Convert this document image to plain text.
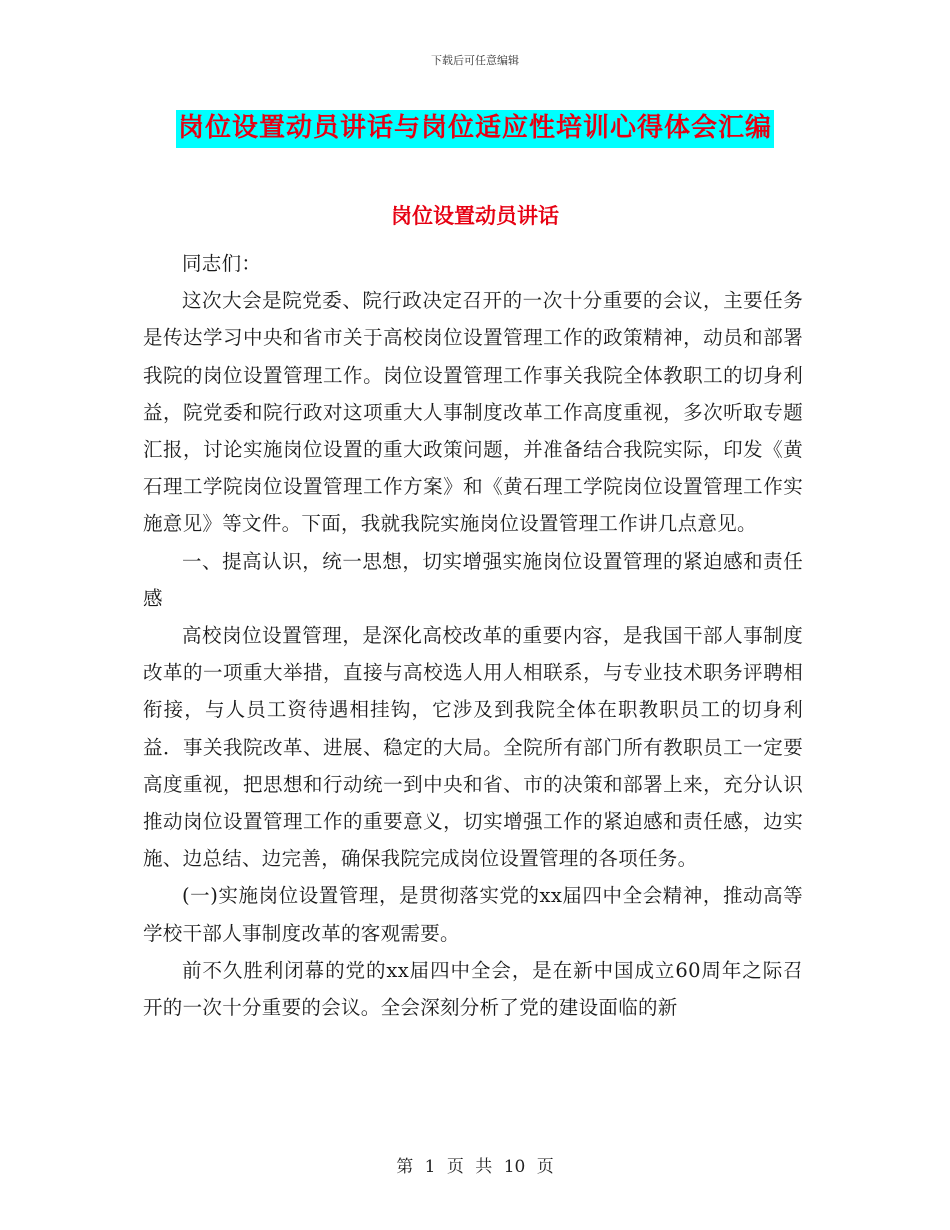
下载后可任意编辑
岗位设置动员讲话与岗位适应性培训心得体会汇编
岗位设置动员讲话

同志们：

这次大会是院党委、院行政决定召开的一次十分重要的会议，主要任务是传达学习中央和省市关于高校岗位设置管理工作的政策精神，动员和部署我院的岗位设置管理工作。岗位设置管理工作事关我院全体教职工的切身利益，院党委和院行政对这项重大人事制度改革工作高度重视，多次听取专题汇报，讨论实施岗位设置的重大政策问题，并准备结合我院实际，印发《黄石理工学院岗位设置管理工作方案》和《黄石理工学院岗位设置管理工作实施意见》等文件。下面，我就我院实施岗位设置管理工作讲几点意见。

一、提高认识，统一思想，切实增强实施岗位设置管理的紧迫感和责任感

高校岗位设置管理，是深化高校改革的重要内容，是我国干部人事制度改革的一项重大举措，直接与高校选人用人相联系，与专业技术职务评聘相衔接，与人员工资待遇相挂钩，它涉及到我院全体在职教职员工的切身利益．事关我院改革、进展、稳定的大局。全院所有部门所有教职员工一定要高度重视，把思想和行动统一到中央和省、市的决策和部署上来，充分认识推动岗位设置管理工作的重要意义，切实增强工作的紧迫感和责任感，边实施、边总结、边完善，确保我院完成岗位设置管理的各项任务。

(一)实施岗位设置管理，是贯彻落实党的xx届四中全会精神，推动高等学校干部人事制度改革的客观需要。

前不久胜利闭幕的党的xx届四中全会，是在新中国成立60周年之际召开的一次十分重要的会议。全会深刻分析了党的建设面临的新

第 1 页 共 10 页
